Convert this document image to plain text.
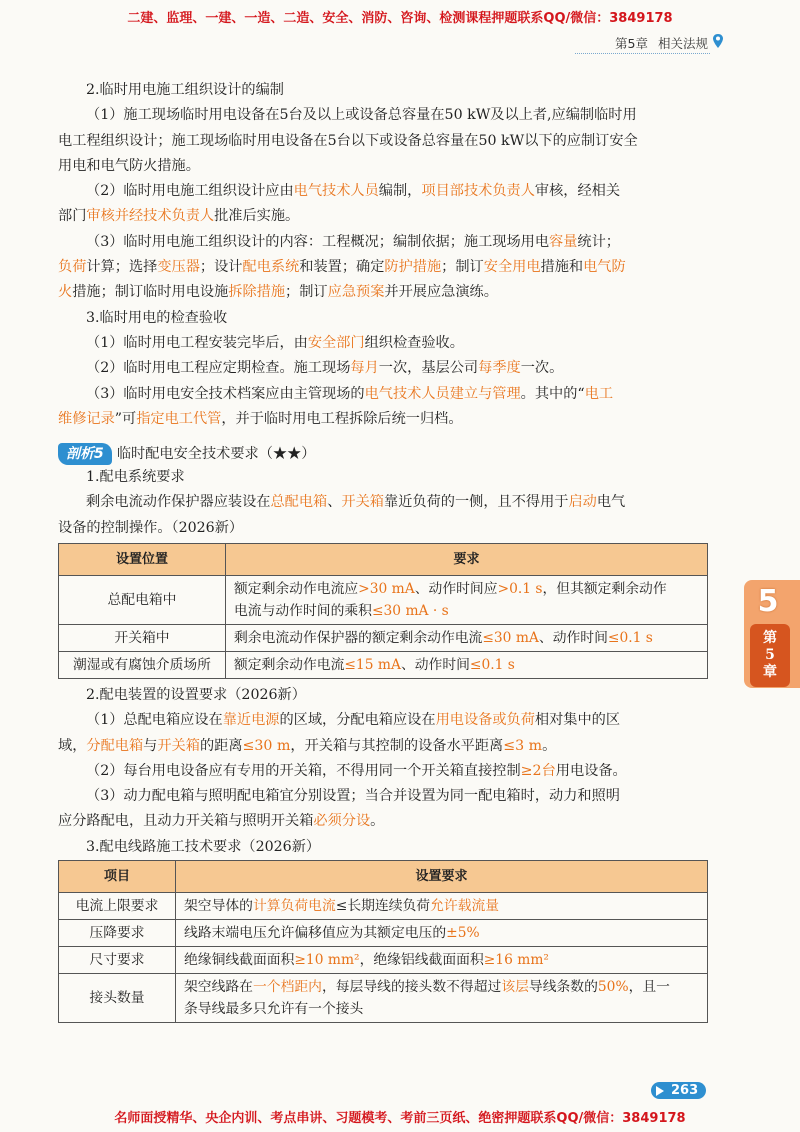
二建、监理、一建、一造、二造、安全、消防、咨询、检测课程押题联系QQ/微信：3849178
第5章 相关法规
2.临时用电施工组织设计的编制
（1）施工现场临时用电设备在5台及以上或设备总容量在50 kW及以上者,应编制临时用
电工程组织设计；施工现场临时用电设备在5台以下或设备总容量在50 kW以下的应制订安全
用电和电气防火措施。
（2）临时用电施工组织设计应由电气技术人员编制，项目部技术负责人审核，经相关
部门审核并经技术负责人批准后实施。
（3）临时用电施工组织设计的内容：工程概况；编制依据；施工现场用电容量统计；
负荷计算；选择变压器；设计配电系统和装置；确定防护措施；制订安全用电措施和电气防
火措施；制订临时用电设施拆除措施；制订应急预案并开展应急演练。
3.临时用电的检查验收
（1）临时用电工程安装完毕后，由安全部门组织检查验收。
（2）临时用电工程应定期检查。施工现场每月一次，基层公司每季度一次。
（3）临时用电安全技术档案应由主管现场的电气技术人员建立与管理。其中的“电工
维修记录”可指定电工代管，并于临时用电工程拆除后统一归档。
剖析5 临时配电安全技术要求（★★）
1.配电系统要求
剩余电流动作保护器应装设在总配电箱、开关箱靠近负荷的一侧，且不得用于启动电气
设备的控制操作。（2026新）
设置位置	要求
总配电箱中	额定剩余动作电流应>30 mA、动作时间应>0.1 s，但其额定剩余动作
电流与动作时间的乘积≤30 mA · s
开关箱中	剩余电流动作保护器的额定剩余动作电流≤30 mA、动作时间≤0.1 s
潮湿或有腐蚀介质场所	额定剩余动作电流≤15 mA、动作时间≤0.1 s
2.配电装置的设置要求（2026新）
（1）总配电箱应设在靠近电源的区域，分配电箱应设在用电设备或负荷相对集中的区
域，分配电箱与开关箱的距离≤30 m，开关箱与其控制的设备水平距离≤3 m。
（2）每台用电设备应有专用的开关箱，不得用同一个开关箱直接控制≥2台用电设备。
（3）动力配电箱与照明配电箱宜分别设置；当合并设置为同一配电箱时，动力和照明
应分路配电，且动力开关箱与照明开关箱必须分设。
3.配电线路施工技术要求（2026新）
项目	设置要求
电流上限要求	架空导体的计算负荷电流≤长期连续负荷允许载流量
压降要求	线路末端电压允许偏移值应为其额定电压的±5%
尺寸要求	绝缘铜线截面面积≥10 mm²，绝缘铝线截面面积≥16 mm²
接头数量	架空线路在一个档距内，每层导线的接头数不得超过该层导线条数的50%，且一
条导线最多只允许有一个接头
5
第
5
章
263
名师面授精华、央企内训、考点串讲、习题模考、考前三页纸、绝密押题联系QQ/微信：3849178
